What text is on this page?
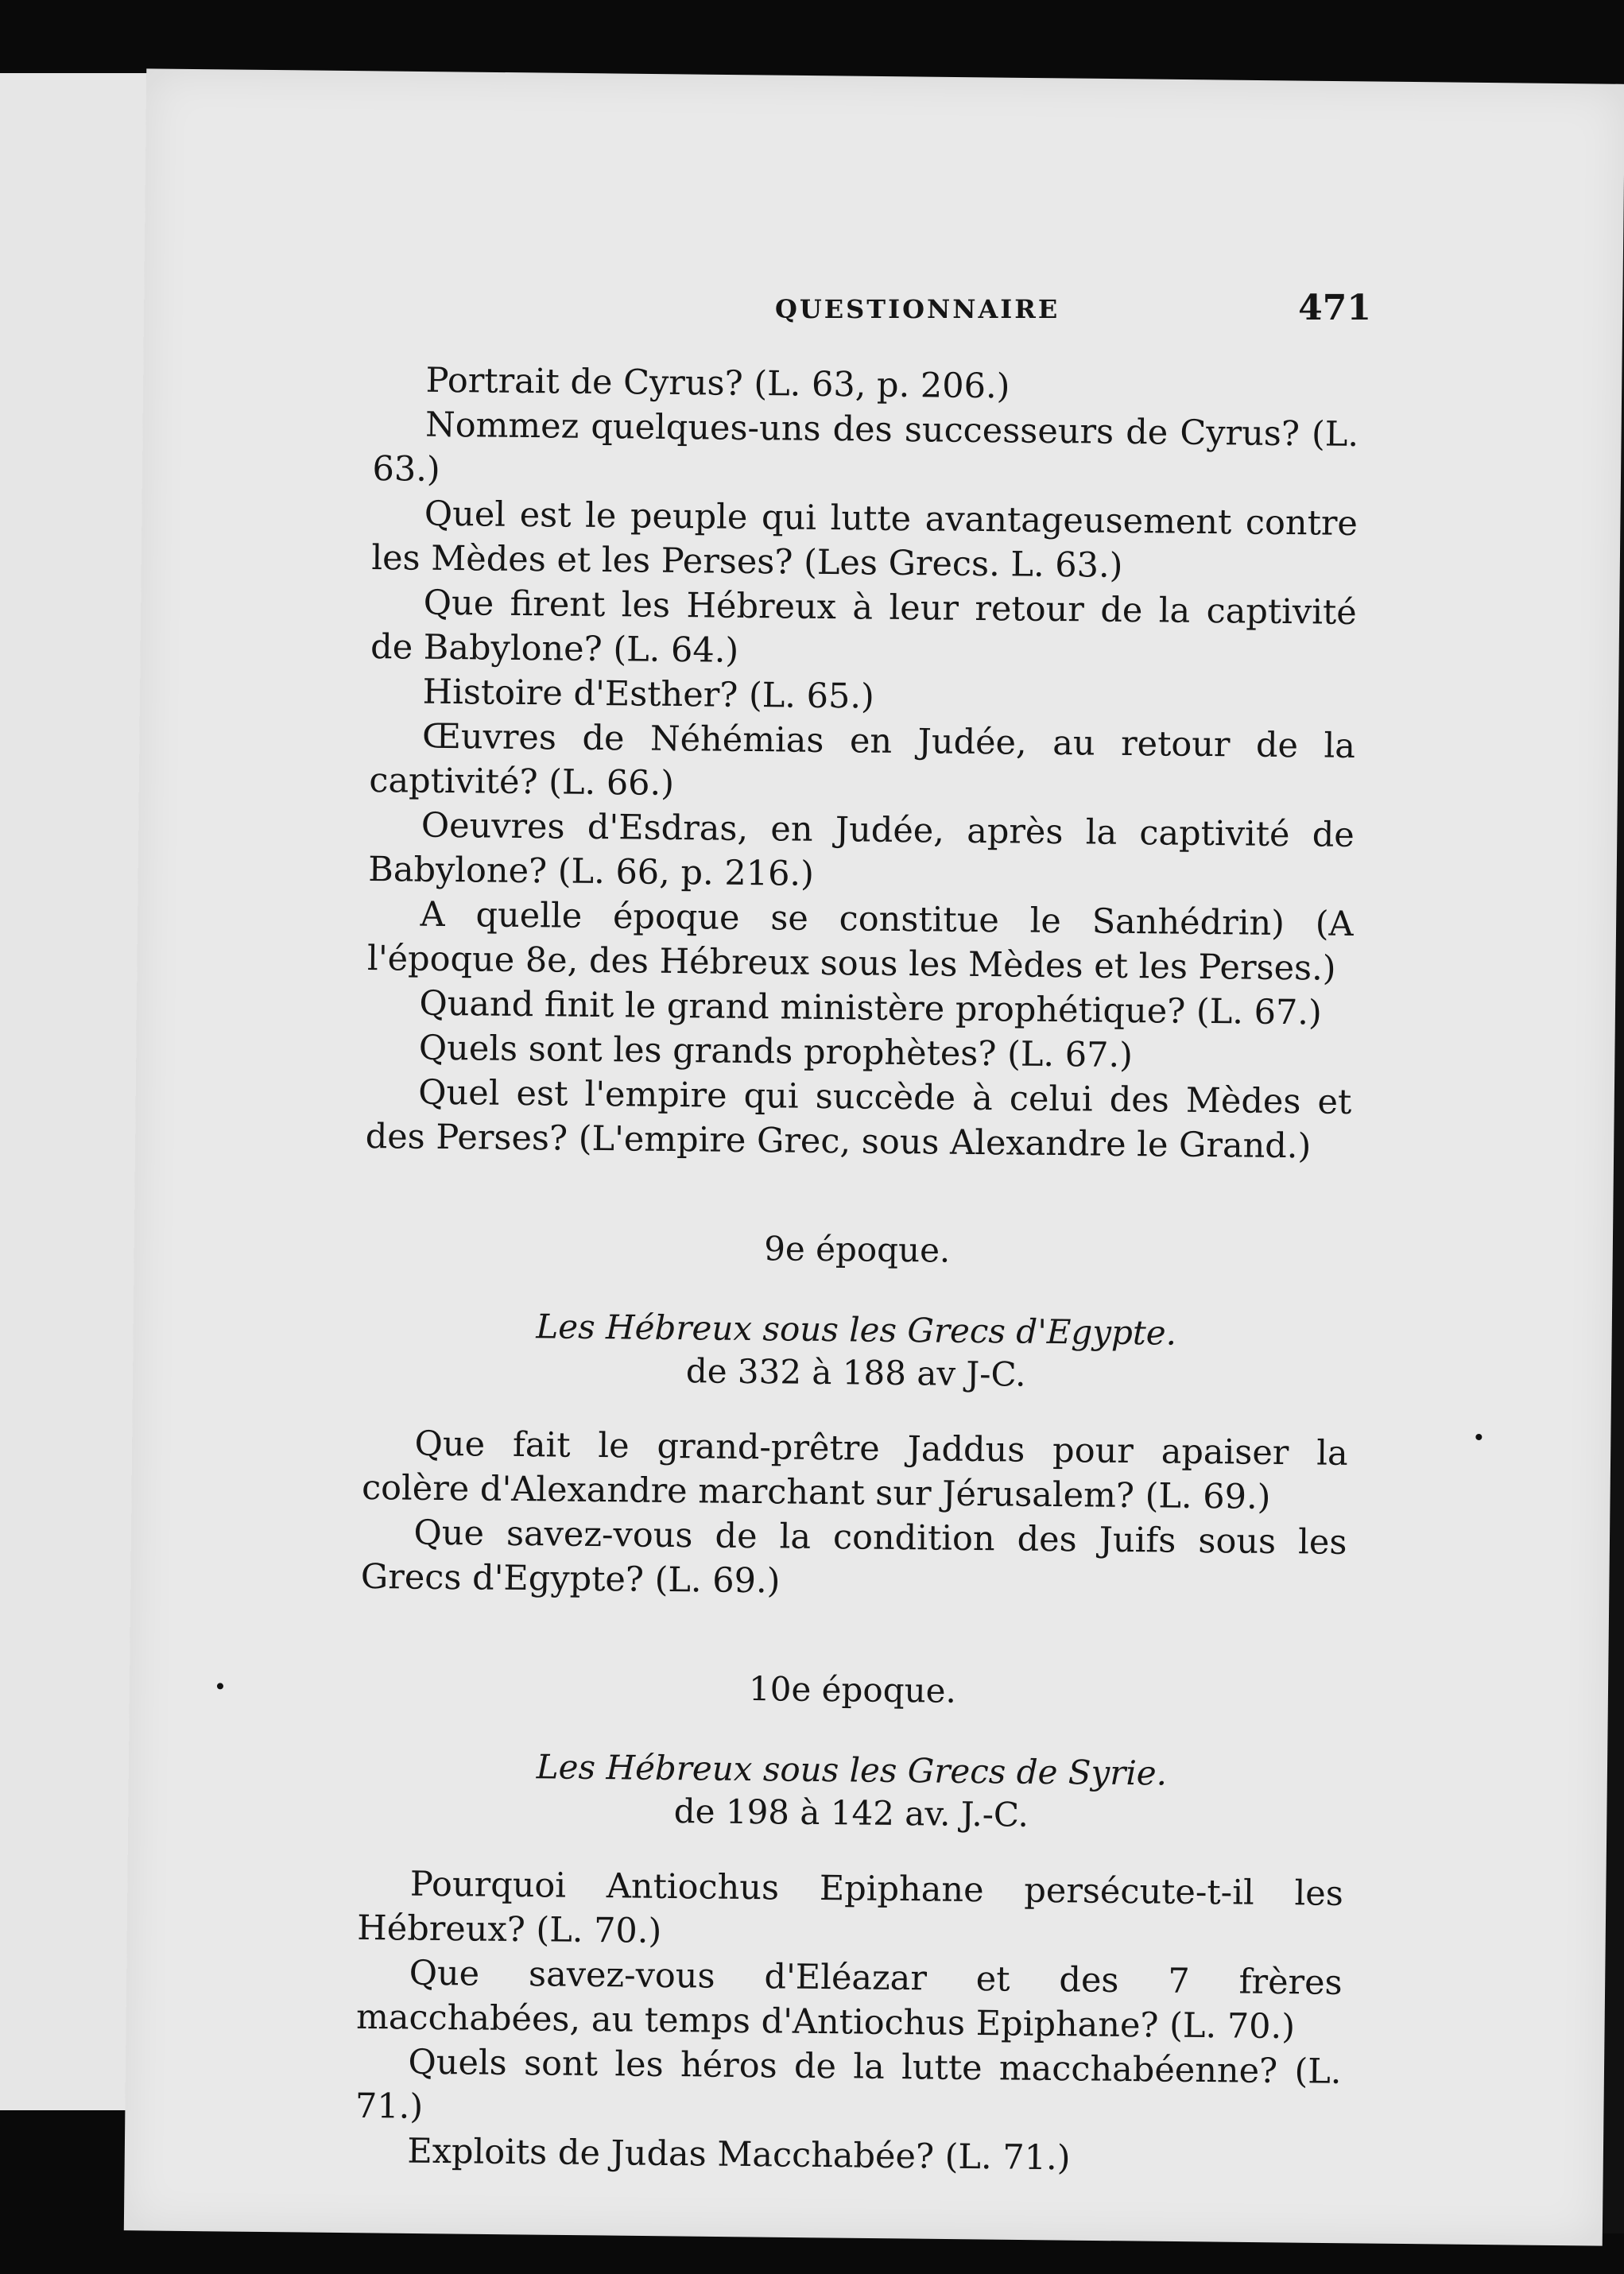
QUESTIONNAIRE	471

Portrait de Cyrus? (L. 63, p. 206.)

Nommez quelques-uns des successeurs de Cyrus? (L. 63.)

Quel est le peuple qui lutte avantageusement contre les Mèdes et les Perses? (Les Grecs. L. 63.)

Que firent les Hébreux à leur retour de la captivité de Babylone? (L. 64.)

Histoire d'Esther? (L. 65.)

Œuvres de Néhémias en Judée, au retour de la captivité? (L. 66.)

Oeuvres d'Esdras, en Judée, après la captivité de Babylone? (L. 66, p. 216.)

A quelle époque se constitue le Sanhédrin) (A l'époque 8e, des Hébreux sous les Mèdes et les Perses.)

Quand finit le grand ministère prophétique? (L. 67.)

Quels sont les grands prophètes? (L. 67.)

Quel est l'empire qui succède à celui des Mèdes et des Perses? (L'empire Grec, sous Alexandre le Grand.)

9e époque.
Les Hébreux sous les Grecs d'Egypte.
de 332 à 188 av J-C.

Que fait le grand-prêtre Jaddus pour apaiser la colère d'Alexandre marchant sur Jérusalem? (L. 69.)

Que savez-vous de la condition des Juifs sous les Grecs d'Egypte? (L. 69.)

10e époque.
Les Hébreux sous les Grecs de Syrie.
de 198 à 142 av. J.-C.

Pourquoi Antiochus Epiphane persécute-t-il les Hébreux? (L. 70.)

Que savez-vous d'Eléazar et des 7 frères macchabées, au temps d'Antiochus Epiphane? (L. 70.)

Quels sont les héros de la lutte macchabéenne? (L. 71.)

Exploits de Judas Macchabée? (L. 71.)
